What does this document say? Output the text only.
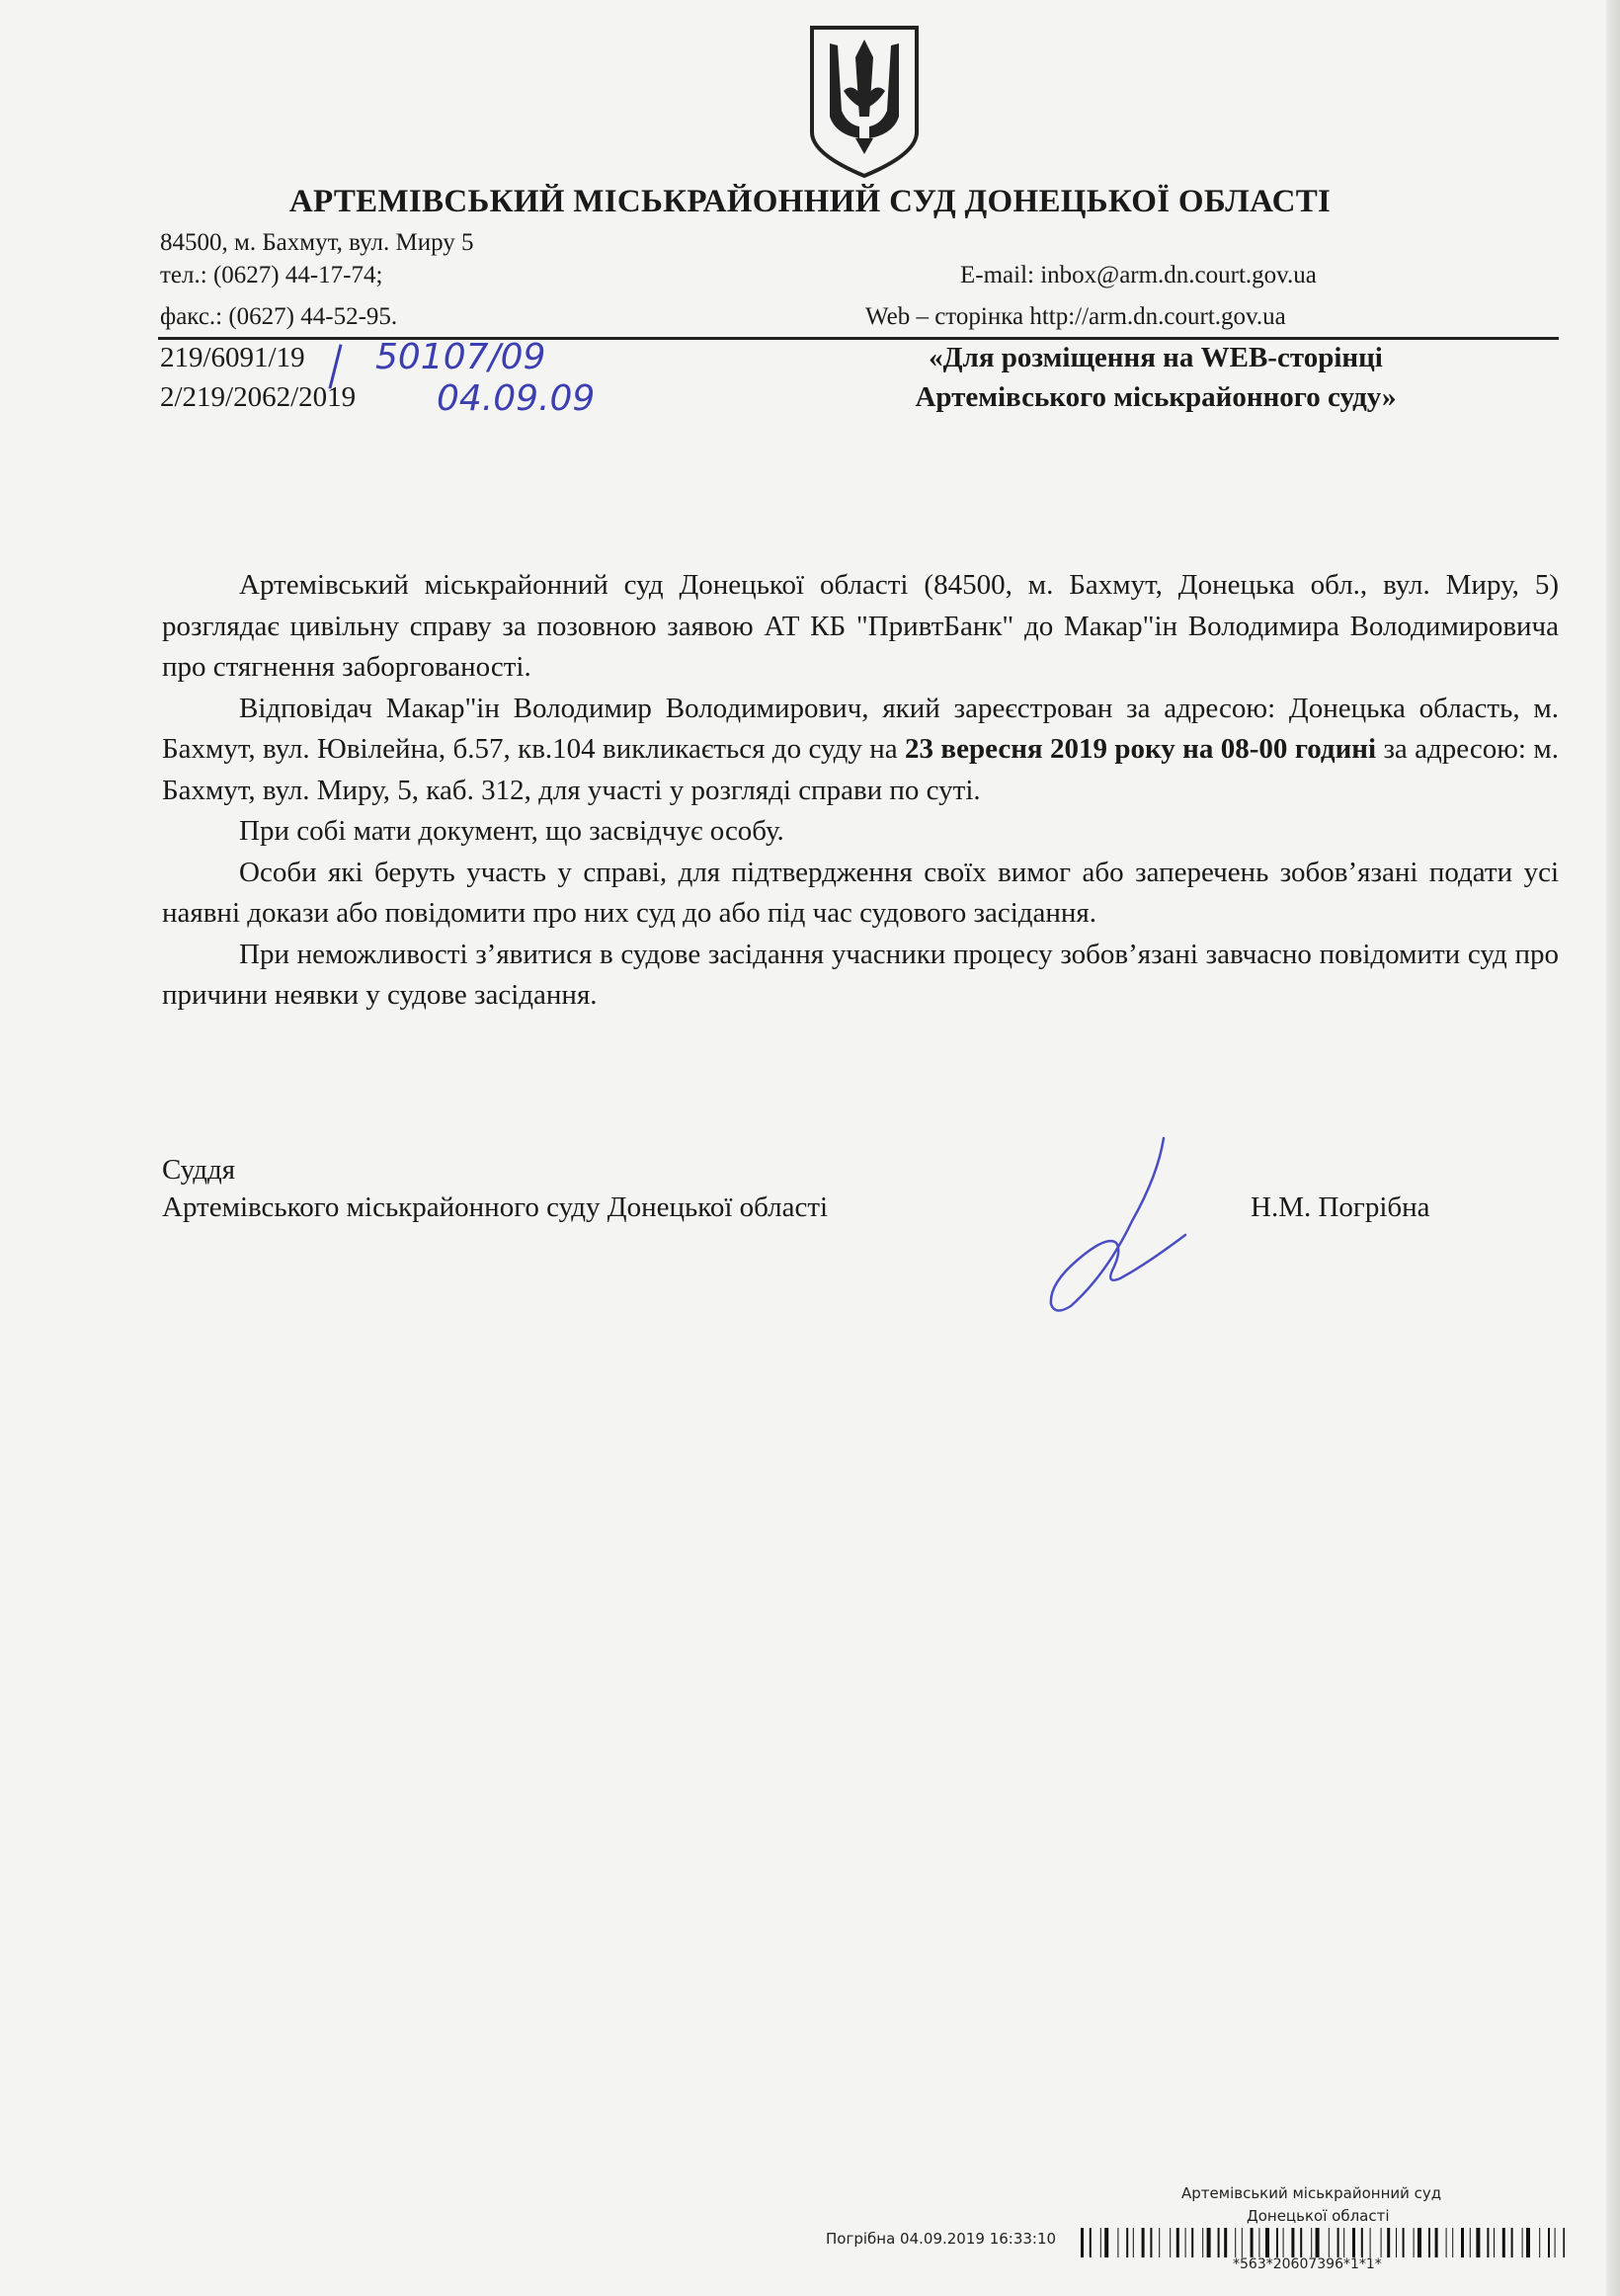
АРТЕМІВСЬКИЙ МІСЬКРАЙОННИЙ СУД ДОНЕЦЬКОЇ ОБЛАСТІ
84500, м. Бахмут, вул. Миру 5
тел.: (0627) 44-17-74;
факс.: (0627) 44-52-95.
E-mail: inbox@arm.dn.court.gov.ua
Web – сторінка http://arm.dn.court.gov.ua
219/6091/19
2/219/2062/2019
50107/09
04.09.09
«Для розміщення на WEB-сторінці
Артемівського міськрайонного суду»

Артемівський міськрайонний суд Донецької області (84500, м. Бахмут, Донецька обл., вул. Миру, 5) розглядає цивільну справу за позовною заявою АТ КБ "ПривтБанк" до Макар"ін Володимира Володимировича про стягнення заборгованості.

Відповідач Макар"ін Володимир Володимирович, який зареєстрован за адресою: Донецька область, м. Бахмут, вул. Ювілейна, б.57, кв.104 викликається до суду на 23 вересня 2019 року на 08-00 годині за адресою: м. Бахмут, вул. Миру, 5, каб. 312, для участі у розгляді справи по суті.

При собі мати документ, що засвідчує особу.

Особи які беруть участь у справі, для підтвердження своїх вимог або заперечень зобов’язані подати усі наявні докази або повідомити про них суд до або під час судового засідання.

При неможливості з’явитися в судове засідання учасники процесу зобов’язані завчасно повідомити суд про причини неявки у судове засідання.

Суддя
Артемівського міськрайонного суду Донецької області	Н.М. Погрібна
Артемівський міськрайонний суд
Донецької області
Погрібна 04.09.2019 16:33:10
*563*20607396*1*1*
